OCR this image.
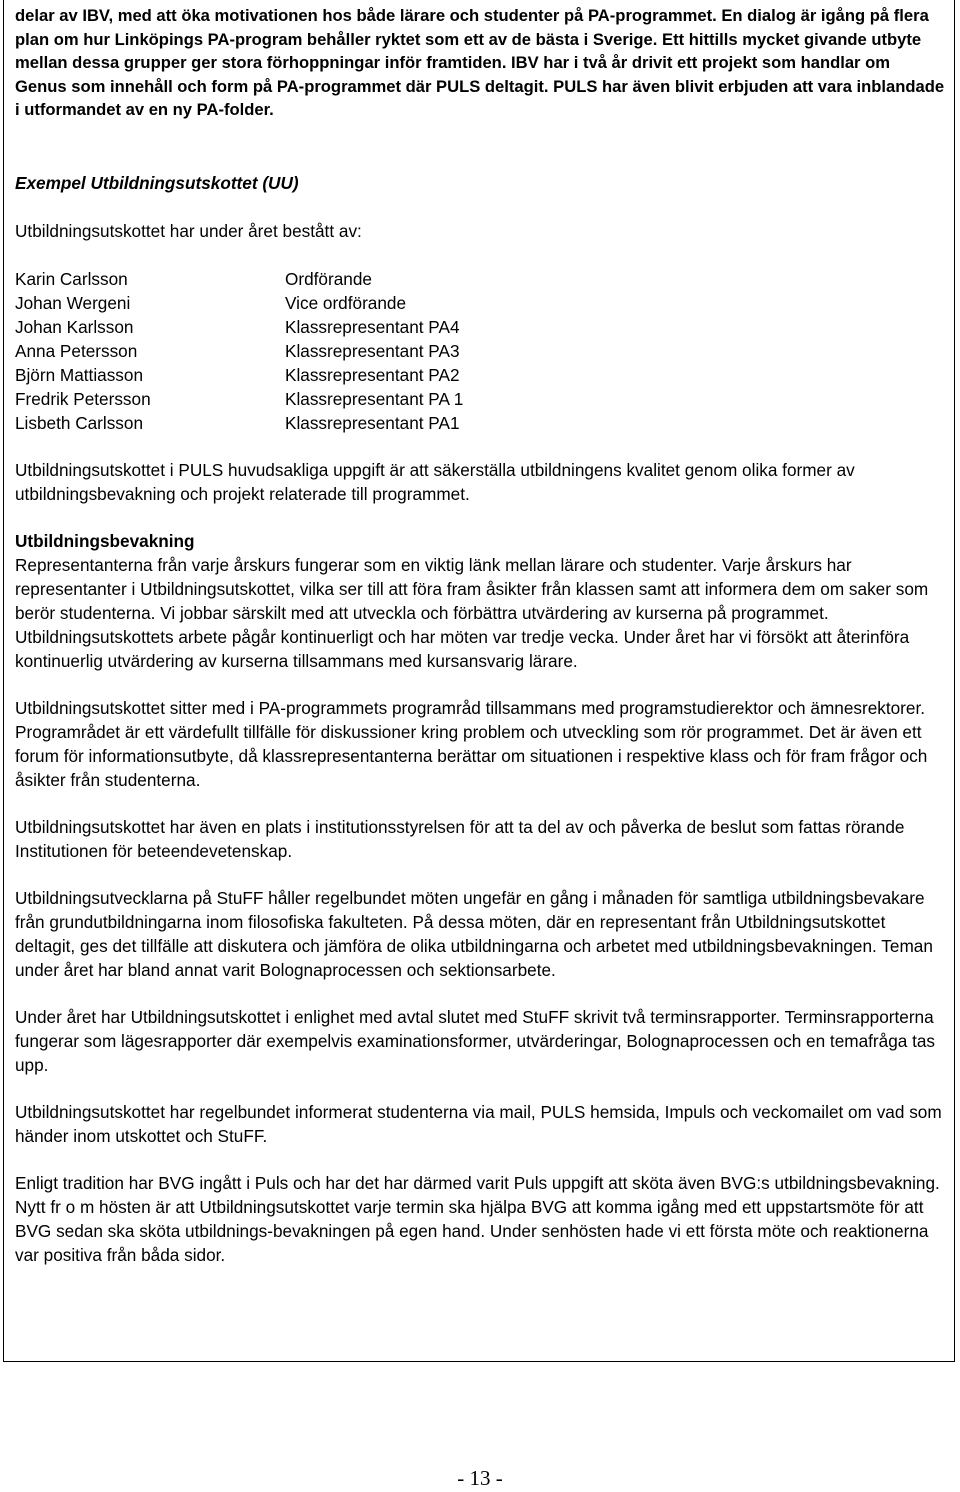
delar av IBV, med att öka motivationen hos både lärare och studenter på PA-programmet. En dialog är igång på flera plan om hur Linköpings PA-program behåller ryktet som ett av de bästa i Sverige. Ett hittills mycket givande utbyte mellan dessa grupper ger stora förhoppningar inför framtiden. IBV har i två år drivit ett projekt som handlar om Genus som innehåll och form på PA-programmet där PULS deltagit. PULS har även blivit erbjuden att vara inblandade i utformandet av en ny PA-folder.

Exempel Utbildningsutskottet (UU)

Utbildningsutskottet har under året bestått av:

Karin Carlsson	Ordförande
Johan Wergeni	Vice ordförande
Johan Karlsson	Klassrepresentant PA4
Anna Petersson	Klassrepresentant PA3
Björn Mattiasson	Klassrepresentant PA2
Fredrik Petersson	Klassrepresentant PA 1
Lisbeth Carlsson	Klassrepresentant PA1

Utbildningsutskottet i PULS huvudsakliga uppgift är att säkerställa utbildningens kvalitet genom olika former av utbildningsbevakning och projekt relaterade till programmet.

Utbildningsbevakning

Representanterna från varje årskurs fungerar som en viktig länk mellan lärare och studenter. Varje årskurs har representanter i Utbildningsutskottet, vilka ser till att föra fram åsikter från klassen samt att informera dem om saker som berör studenterna. Vi jobbar särskilt med att utveckla och förbättra utvärdering av kurserna på programmet. Utbildningsutskottets arbete pågår kontinuerligt och har möten var tredje vecka. Under året har vi försökt att återinföra kontinuerlig utvärdering av kurserna tillsammans med kursansvarig lärare.

Utbildningsutskottet sitter med i PA-programmets programråd tillsammans med programstudierektor och ämnesrektorer. Programrådet är ett värdefullt tillfälle för diskussioner kring problem och utveckling som rör programmet. Det är även ett forum för informationsutbyte, då klassrepresentanterna berättar om situationen i respektive klass och för fram frågor och åsikter från studenterna.

Utbildningsutskottet har även en plats i institutionsstyrelsen för att ta del av och påverka de beslut som fattas rörande Institutionen för beteendevetenskap.

Utbildningsutvecklarna på StuFF håller regelbundet möten ungefär en gång i månaden för samtliga utbildningsbevakare från grundutbildningarna inom filosofiska fakulteten. På dessa möten, där en representant från Utbildningsutskottet deltagit, ges det tillfälle att diskutera och jämföra de olika utbildningarna och arbetet med utbildningsbevakningen. Teman under året har bland annat varit Bolognaprocessen och sektionsarbete.

Under året har Utbildningsutskottet i enlighet med avtal slutet med StuFF skrivit två terminsrapporter. Terminsrapporterna fungerar som lägesrapporter där exempelvis examinationsformer, utvärderingar, Bolognaprocessen och en temafråga tas upp.

Utbildningsutskottet har regelbundet informerat studenterna via mail, PULS hemsida, Impuls och veckomailet om vad som händer inom utskottet och StuFF.

Enligt tradition har BVG ingått i Puls och har det har därmed varit Puls uppgift att sköta även BVG:s utbildningsbevakning. Nytt fr o m hösten är att Utbildningsutskottet varje termin ska hjälpa BVG att komma igång med ett uppstartsmöte för att BVG sedan ska sköta utbildnings-bevakningen på egen hand. Under senhösten hade vi ett första möte och reaktionerna var positiva från båda sidor.

- 13 -
